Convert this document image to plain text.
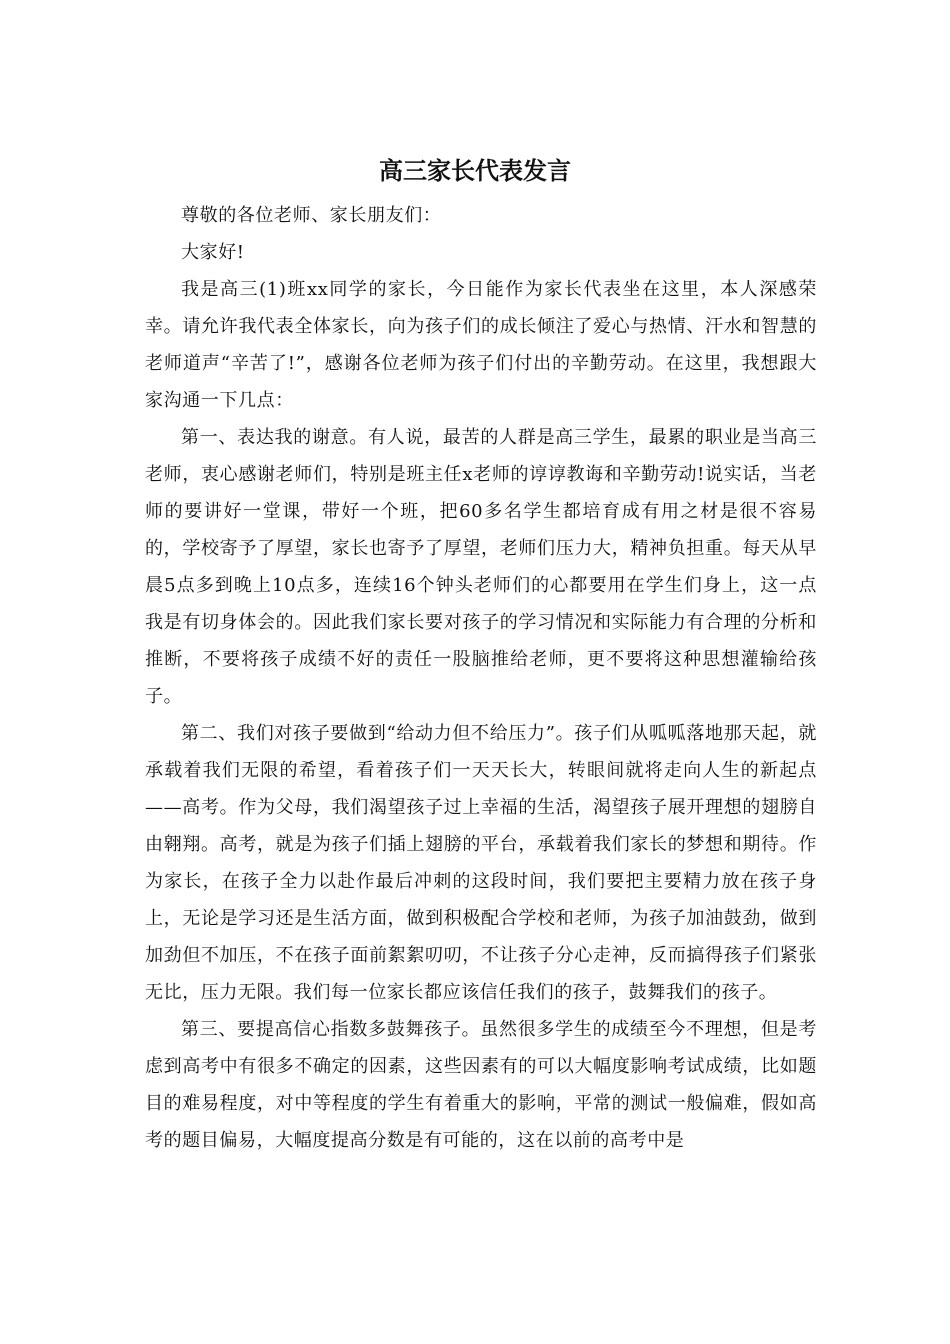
高三家长代表发言

尊敬的各位老师、家长朋友们：

大家好!

我是高三(1)班xx同学的家长，今日能作为家长代表坐在这里，本人深感荣幸。请允许我代表全体家长，向为孩子们的成长倾注了爱心与热情、汗水和智慧的老师道声“辛苦了!”，感谢各位老师为孩子们付出的辛勤劳动。在这里，我想跟大家沟通一下几点：

第一、表达我的谢意。有人说，最苦的人群是高三学生，最累的职业是当高三老师，衷心感谢老师们，特别是班主任x老师的谆谆教诲和辛勤劳动!说实话，当老师的要讲好一堂课，带好一个班，把60多名学生都培育成有用之材是很不容易的，学校寄予了厚望，家长也寄予了厚望，老师们压力大，精神负担重。每天从早晨5点多到晚上10点多，连续16个钟头老师们的心都要用在学生们身上，这一点我是有切身体会的。因此我们家长要对孩子的学习情况和实际能力有合理的分析和推断，不要将孩子成绩不好的责任一股脑推给老师，更不要将这种思想灌输给孩子。

第二、我们对孩子要做到“给动力但不给压力”。孩子们从呱呱落地那天起，就承载着我们无限的希望，看着孩子们一天天长大，转眼间就将走向人生的新起点——高考。作为父母，我们渴望孩子过上幸福的生活，渴望孩子展开理想的翅膀自由翱翔。高考，就是为孩子们插上翅膀的平台，承载着我们家长的梦想和期待。作为家长，在孩子全力以赴作最后冲刺的这段时间，我们要把主要精力放在孩子身上，无论是学习还是生活方面，做到积极配合学校和老师，为孩子加油鼓劲，做到加劲但不加压，不在孩子面前絮絮叨叨，不让孩子分心走神，反而搞得孩子们紧张无比，压力无限。我们每一位家长都应该信任我们的孩子，鼓舞我们的孩子。

第三、要提高信心指数多鼓舞孩子。虽然很多学生的成绩至今不理想，但是考虑到高考中有很多不确定的因素，这些因素有的可以大幅度影响考试成绩，比如题目的难易程度，对中等程度的学生有着重大的影响，平常的测试一般偏难，假如高考的题目偏易，大幅度提高分数是有可能的，这在以前的高考中是
